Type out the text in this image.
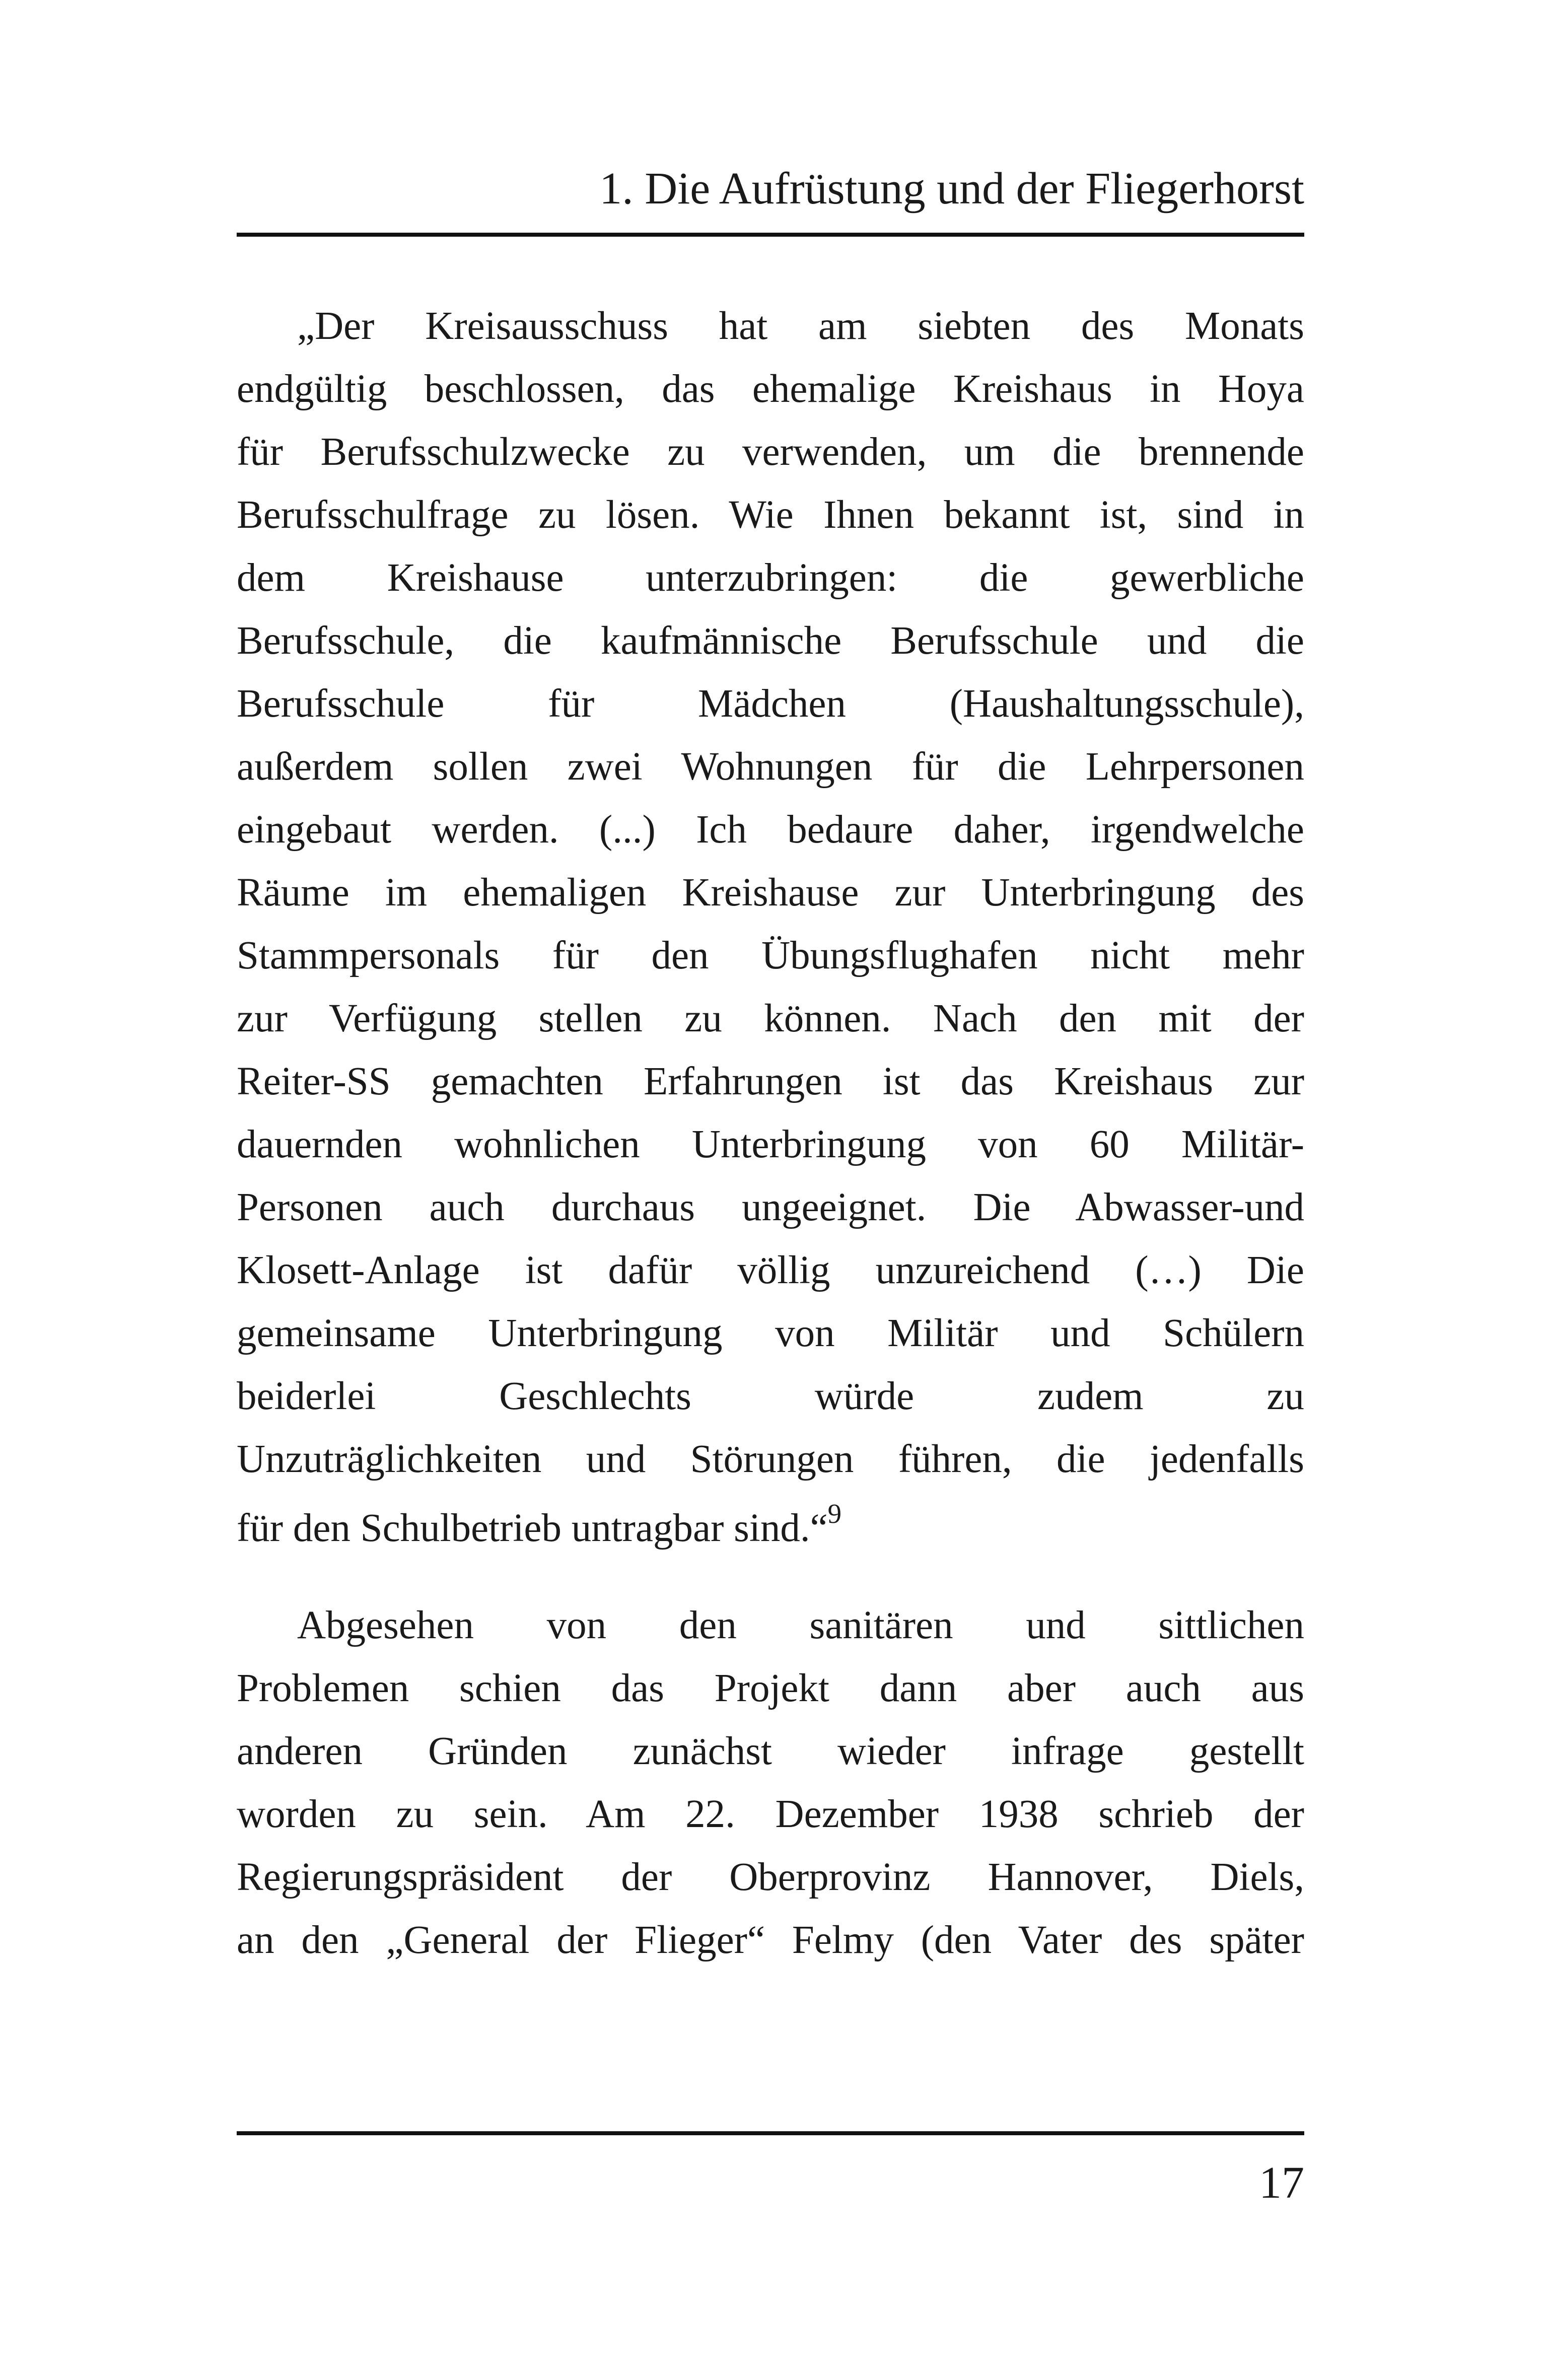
1. Die Aufrüstung und der Fliegerhorst
„Der Kreisausschuss hat am siebten des Monats
endgültig beschlossen, das ehemalige Kreishaus in Hoya
für Berufsschulzwecke zu verwenden, um die brennende
Berufsschulfrage zu lösen. Wie Ihnen bekannt ist, sind in
dem Kreishause unterzubringen: die gewerbliche
Berufsschule, die kaufmännische Berufsschule und die
Berufsschule für Mädchen (Haushaltungsschule),
außerdem sollen zwei Wohnungen für die Lehrpersonen
eingebaut werden. (...) Ich bedaure daher, irgendwelche
Räume im ehemaligen Kreishause zur Unterbringung des
Stammpersonals für den Übungsflughafen nicht mehr
zur Verfügung stellen zu können. Nach den mit der
Reiter-SS gemachten Erfahrungen ist das Kreishaus zur
dauernden wohnlichen Unterbringung von 60 Militär-
Personen auch durchaus ungeeignet. Die Abwasser-und
Klosett-Anlage ist dafür völlig unzureichend (…) Die
gemeinsame Unterbringung von Militär und Schülern
beiderlei Geschlechts würde zudem zu
Unzuträglichkeiten und Störungen führen, die jedenfalls
für den Schulbetrieb untragbar sind.“$^9$
Abgesehen von den sanitären und sittlichen
Problemen schien das Projekt dann aber auch aus
anderen Gründen zunächst wieder infrage gestellt
worden zu sein. Am 22. Dezember 1938 schrieb der
Regierungspräsident der Oberprovinz Hannover, Diels,
an den „General der Flieger“ Felmy (den Vater des später
17
